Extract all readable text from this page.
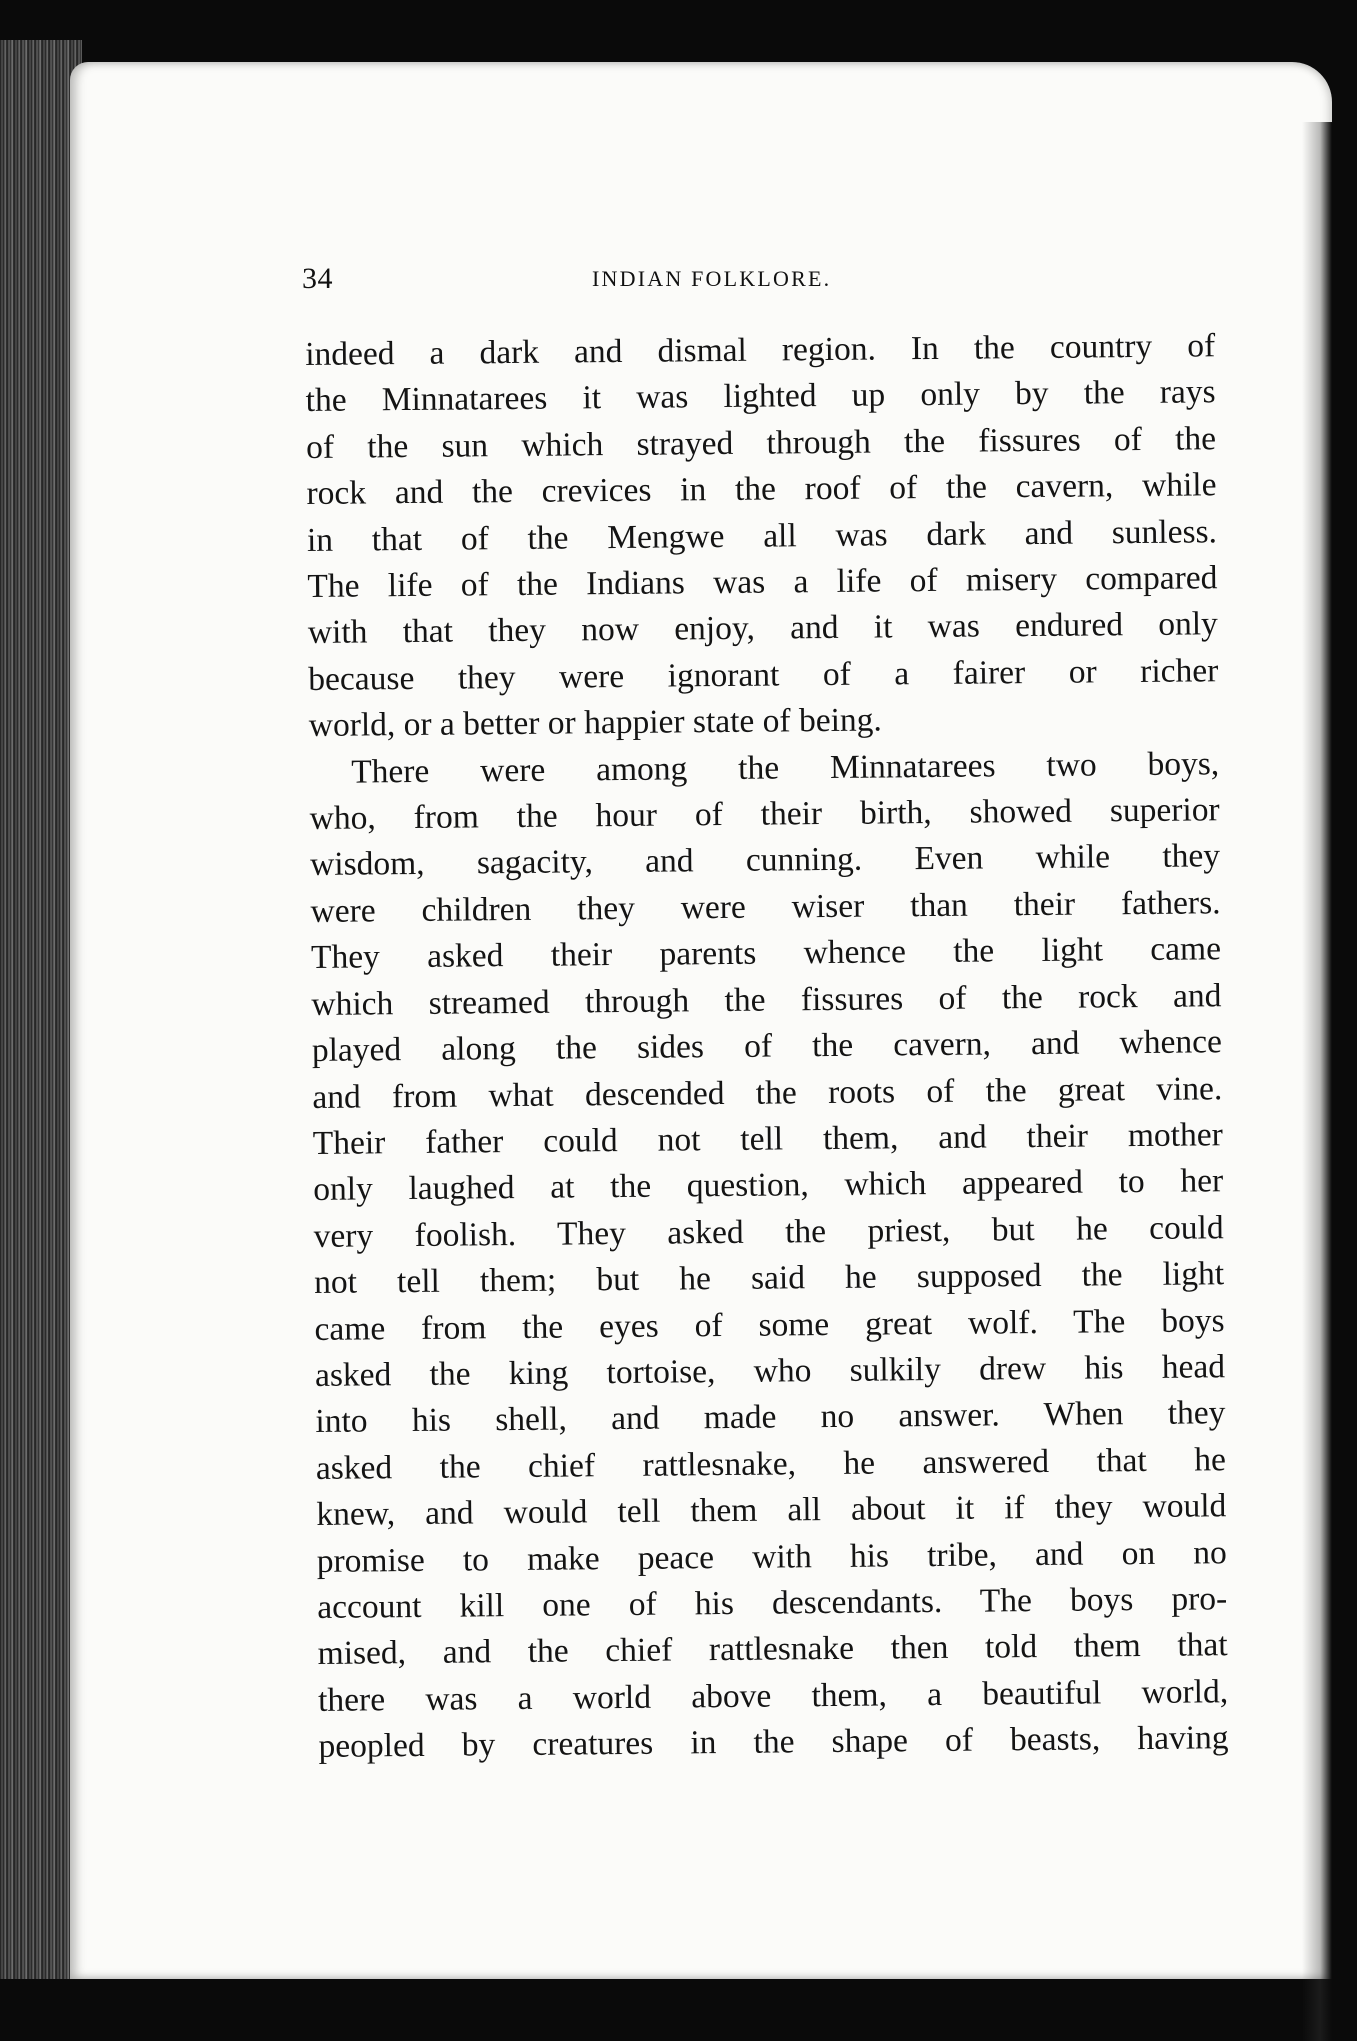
34	INDIAN FOLKLORE.

indeed a dark and dismal region. In the country of
the Minnatarees it was lighted up only by the rays
of the sun which strayed through the fissures of the
rock and the crevices in the roof of the cavern, while
in that of the Mengwe all was dark and sunless.
The life of the Indians was a life of misery compared
with that they now enjoy, and it was endured only
because they were ignorant of a fairer or richer
world, or a better or happier state of being.

There were among the Minnatarees two boys,
who, from the hour of their birth, showed superior
wisdom, sagacity, and cunning. Even while they
were children they were wiser than their fathers.
They asked their parents whence the light came
which streamed through the fissures of the rock and
played along the sides of the cavern, and whence
and from what descended the roots of the great vine.
Their father could not tell them, and their mother
only laughed at the question, which appeared to her
very foolish. They asked the priest, but he could
not tell them; but he said he supposed the light
came from the eyes of some great wolf. The boys
asked the king tortoise, who sulkily drew his head
into his shell, and made no answer. When they
asked the chief rattlesnake, he answered that he
knew, and would tell them all about it if they would
promise to make peace with his tribe, and on no
account kill one of his descendants. The boys pro-
mised, and the chief rattlesnake then told them that
there was a world above them, a beautiful world,
peopled by creatures in the shape of beasts, having
